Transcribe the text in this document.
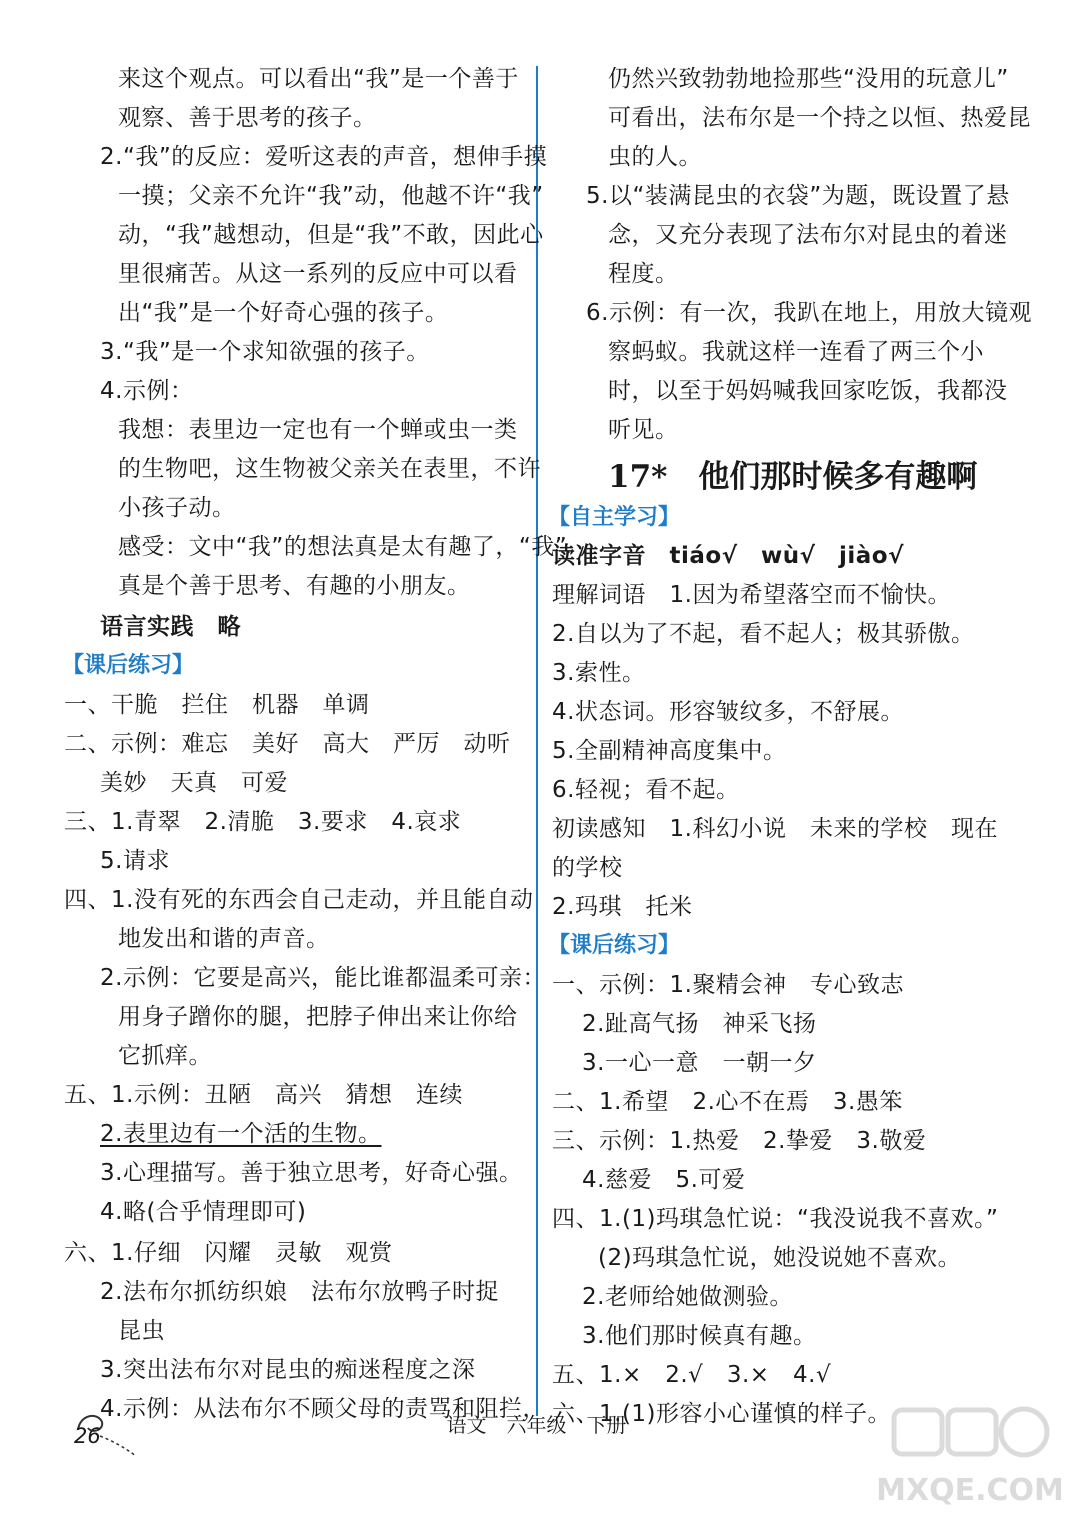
17*　他们那时候多有趣啊
26	语文　六年级　下册
MXQE.COM
来这个观点。可以看出“我”是一个善于
观察、善于思考的孩子。
2.“我”的反应：爱听这表的声音，想伸手摸
一摸；父亲不允许“我”动，他越不许“我”
动，“我”越想动，但是“我”不敢，因此心
里很痛苦。从这一系列的反应中可以看
出“我”是一个好奇心强的孩子。
3.“我”是一个求知欲强的孩子。
4.示例：
我想：表里边一定也有一个蝉或虫一类
的生物吧，这生物被父亲关在表里，不许
小孩子动。
感受：文中“我”的想法真是太有趣了，“我”
真是个善于思考、有趣的小朋友。
语言实践　略
一、干脆　拦住　机器　单调
二、示例：难忘　美好　高大　严厉　动听
美妙　天真　可爱
三、1.青翠　2.清脆　3.要求　4.哀求
5.请求
四、1.没有死的东西会自己走动，并且能自动
地发出和谐的声音。
2.示例：它要是高兴，能比谁都温柔可亲：
用身子蹭你的腿，把脖子伸出来让你给
它抓痒。
五、1.示例：丑陋　高兴　猜想　连续
2.表里边有一个活的生物。
3.心理描写。善于独立思考，好奇心强。
4.略(合乎情理即可)
六、1.仔细　闪耀　灵敏　观赏
2.法布尔抓纺织娘　法布尔放鸭子时捉
昆虫
3.突出法布尔对昆虫的痴迷程度之深
4.示例：从法布尔不顾父母的责骂和阻拦，
仍然兴致勃勃地捡那些“没用的玩意儿”
可看出，法布尔是一个持之以恒、热爱昆
虫的人。
5.以“装满昆虫的衣袋”为题，既设置了悬
念，又充分表现了法布尔对昆虫的着迷
程度。
6.示例：有一次，我趴在地上，用放大镜观
察蚂蚁。我就这样一连看了两三个小
时，以至于妈妈喊我回家吃饭，我都没
听见。
读准字音　tiáo√　wù√　jiào√
理解词语　1.因为希望落空而不愉快。
2.自以为了不起，看不起人；极其骄傲。
3.索性。
4.状态词。形容皱纹多，不舒展。
5.全副精神高度集中。
6.轻视；看不起。
初读感知　1.科幻小说　未来的学校　现在
的学校
2.玛琪　托米
一、示例：1.聚精会神　专心致志
2.趾高气扬　神采飞扬
3.一心一意　一朝一夕
二、1.希望　2.心不在焉　3.愚笨
三、示例：1.热爱　2.挚爱　3.敬爱
4.慈爱　5.可爱
四、1.(1)玛琪急忙说：“我没说我不喜欢。”
(2)玛琪急忙说，她没说她不喜欢。
2.老师给她做测验。
3.他们那时候真有趣。
五、1.×　2.√　3.×　4.√
六、1.(1)形容小心谨慎的样子。
【课后练习】
【自主学习】
【课后练习】
